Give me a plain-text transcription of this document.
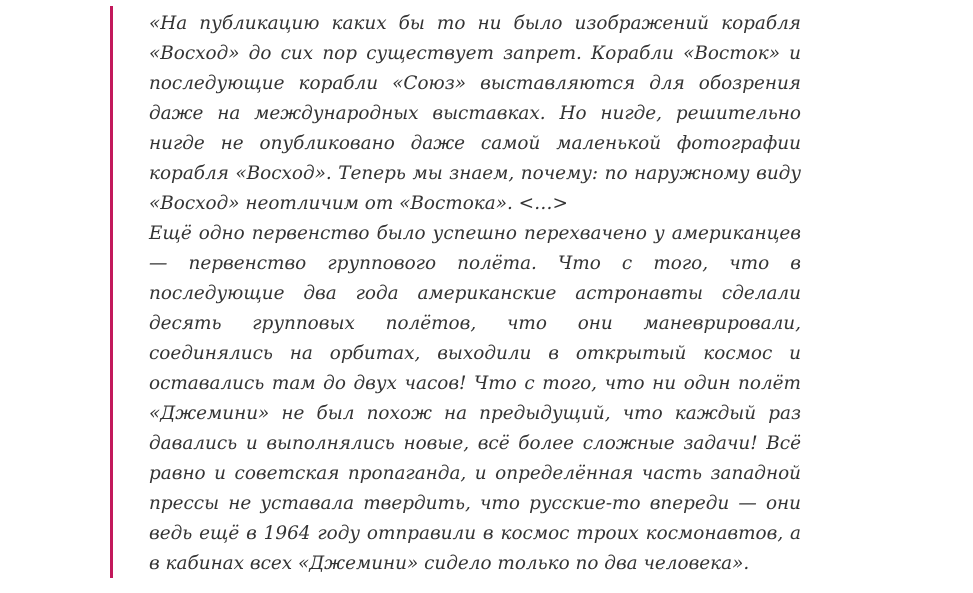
«На публикацию каких бы то ни было изображений корабля «Восход» до сих пор существует запрет. Корабли «Восток» и последующие корабли «Союз» выставляются для обозрения даже на международных выставках. Но нигде, решительно нигде не опубликовано даже самой маленькой фотографии корабля «Восход». Теперь мы знаем, почему: по наружному виду «Восход» неотличим от «Востока». <…>

Ещё одно первенство было успешно перехвачено у американцев — первенство группового полёта. Что с того, что в последующие два года американские астронавты сделали десять групповых полётов, что они маневрировали, соединялись на орбитах, выходили в открытый космос и оставались там до двух часов! Что с того, что ни один полёт «Джемини» не был похож на предыдущий, что каждый раз давались и выполнялись новые, всё более сложные задачи! Всё равно и советская пропаганда, и определённая часть западной прессы не уставала твердить, что русские-то впереди — они ведь ещё в 1964 году отправили в космос троих космонавтов, а в кабинах всех «Джемини» сидело только по два человека».
